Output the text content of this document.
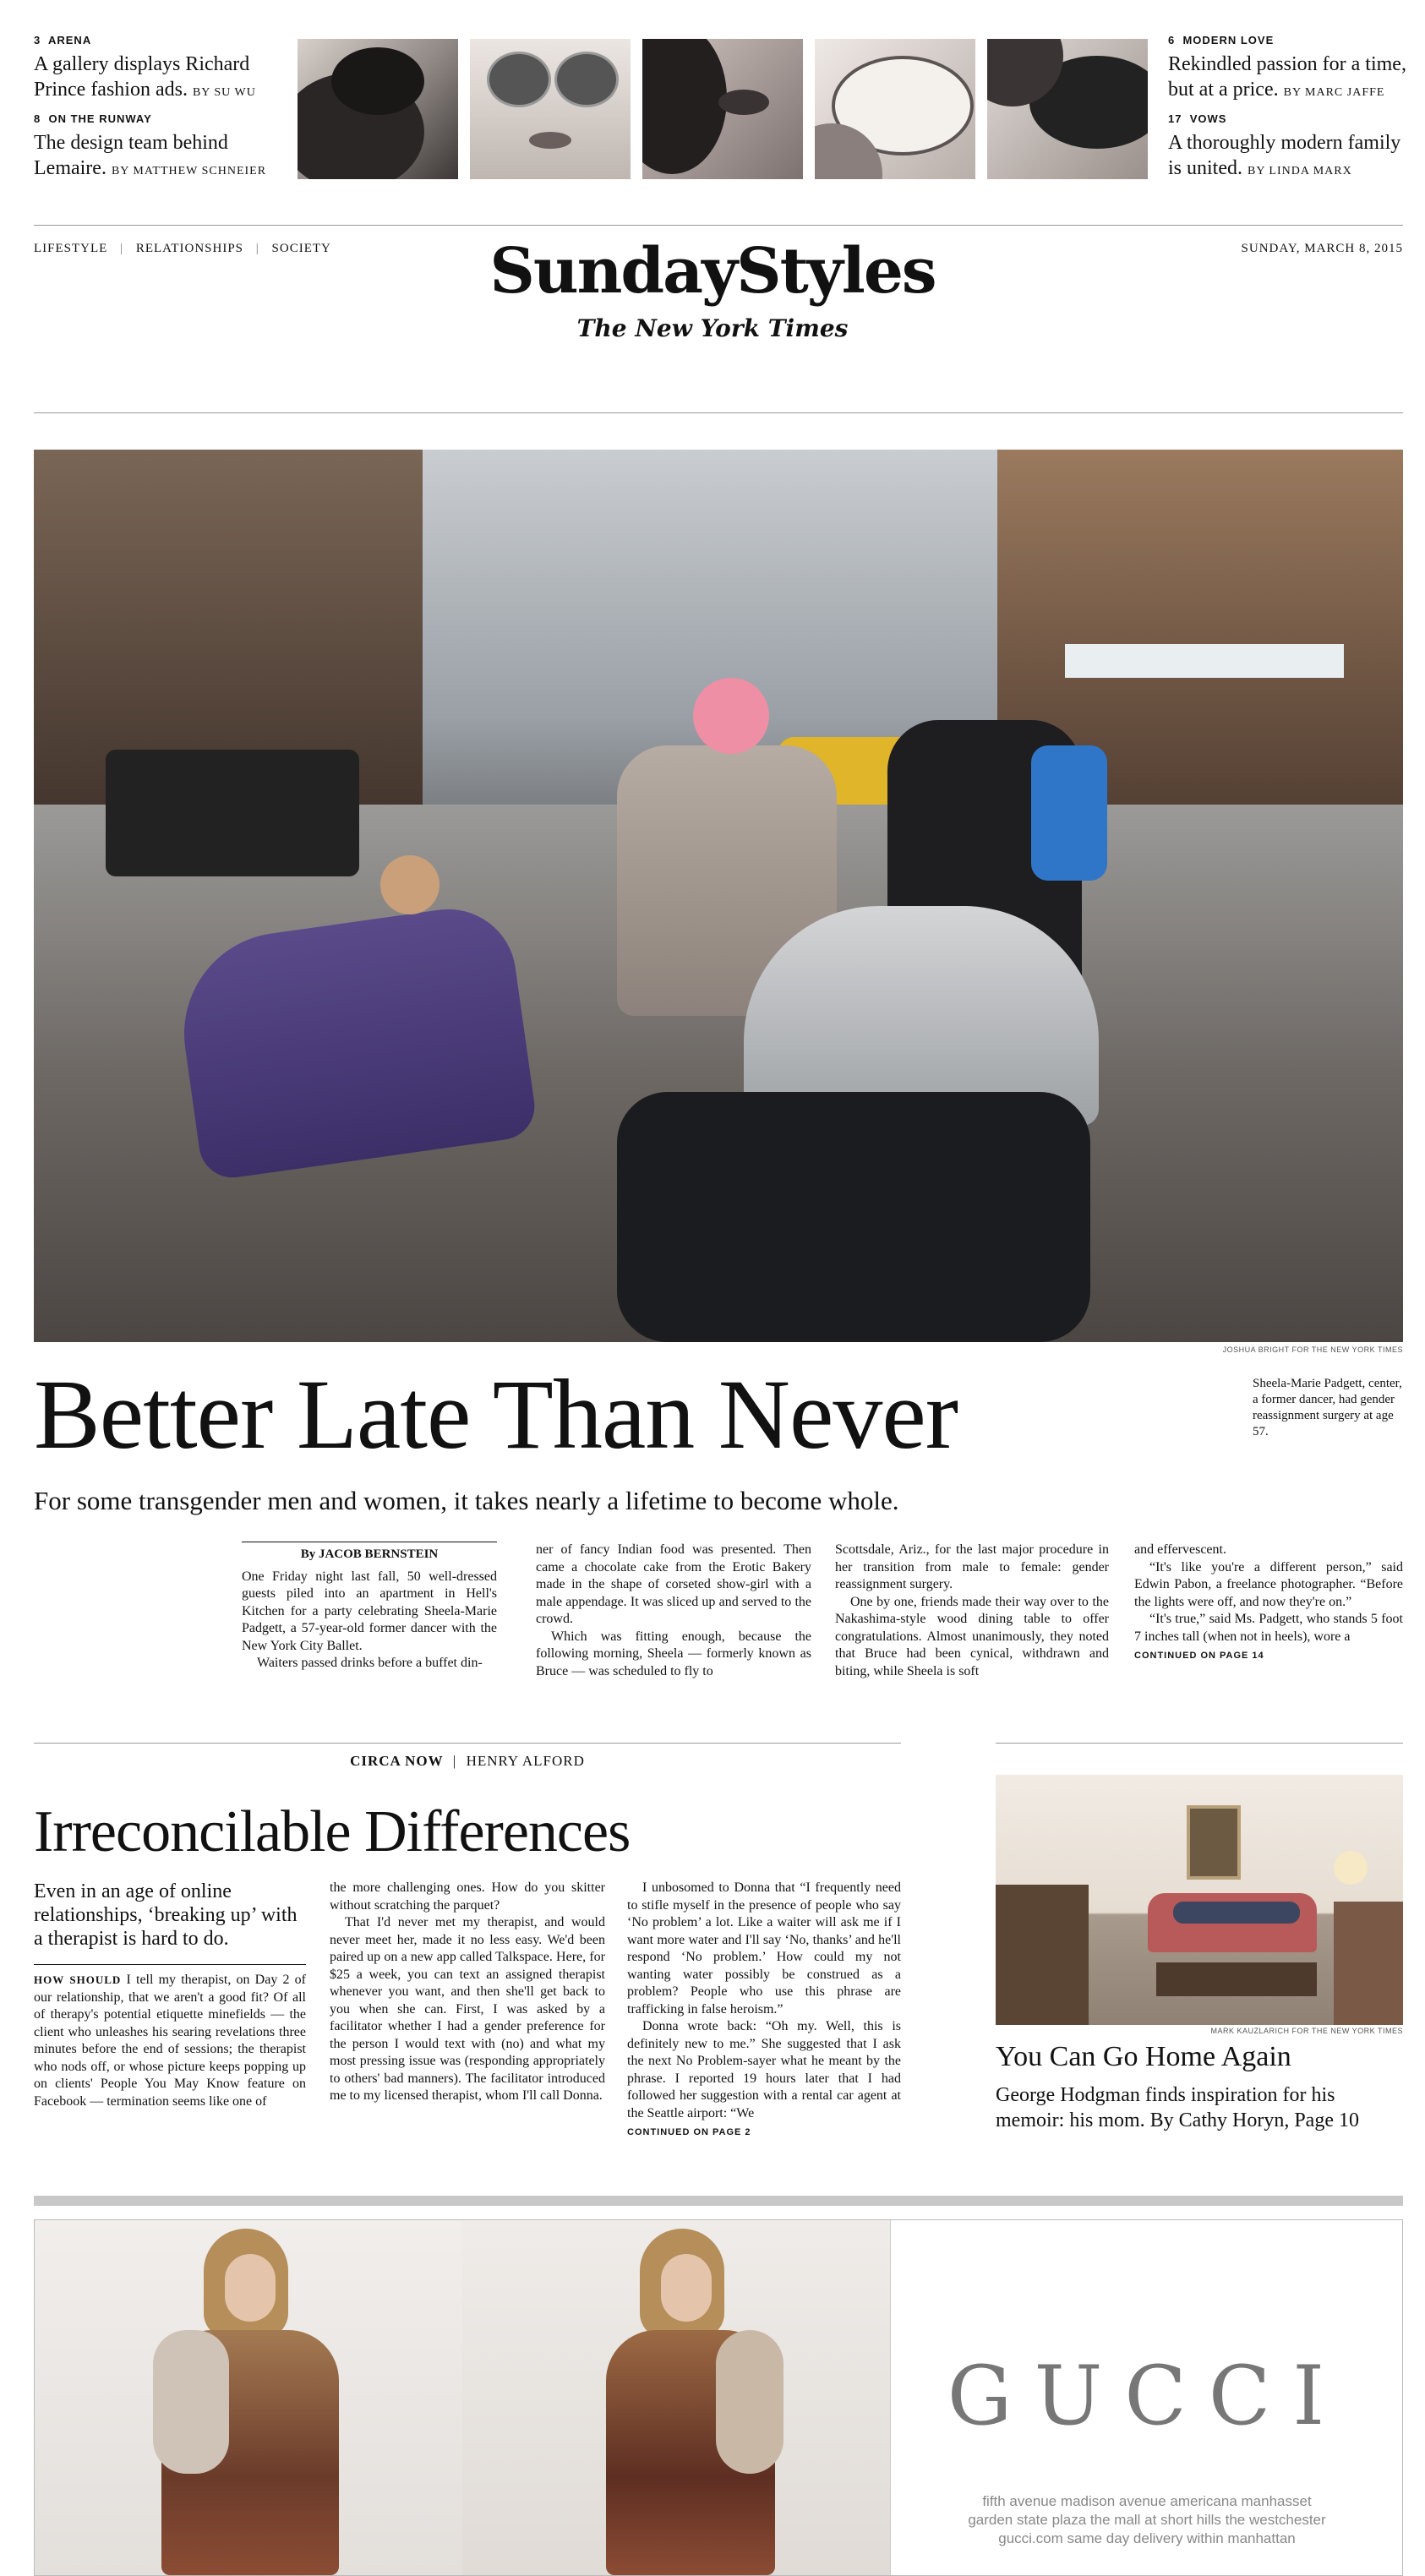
3 ARENA
A gallery displays Richard Prince fashion ads. BY SU WU
8 ON THE RUNWAY
The design team behind Lemaire. BY MATTHEW SCHNEIER
6 MODERN LOVE
Rekindled passion for a time, but at a price. BY MARC JAFFE
17 VOWS
A thoroughly modern family is united. BY LINDA MARX
LIFESTYLE | RELATIONSHIPS | SOCIETY	SundayStyles
The New York Times
SUNDAY, MARCH 8, 2015
JOSHUA BRIGHT FOR THE NEW YORK TIMES
Better Late Than Never	Sheela-Marie Padgett, center, a former dancer, had gender reassignment surgery at age 57.
For some transgender men and women, it takes nearly a lifetime to become whole.
By JACOB BERNSTEIN

One Friday night last fall, 50 well-dressed guests piled into an apartment in Hell's Kitchen for a party celebrating Sheela-Marie Padgett, a 57-year-old former dancer with the New York City Ballet.

Waiters passed drinks before a buffet din-

ner of fancy Indian food was presented. Then came a chocolate cake from the Erotic Bakery made in the shape of corseted show-girl with a male appendage. It was sliced up and served to the crowd.

Which was fitting enough, because the following morning, Sheela — formerly known as Bruce — was scheduled to fly to

Scottsdale, Ariz., for the last major procedure in her transition from male to female: gender reassignment surgery.

One by one, friends made their way over to the Nakashima-style wood dining table to offer congratulations. Almost unanimously, they noted that Bruce had been cynical, withdrawn and biting, while Sheela is soft

and effervescent.

“It's like you're a different person,” said Edwin Pabon, a freelance photographer. “Before the lights were off, and now they're on.”

“It's true,” said Ms. Padgett, who stands 5 foot 7 inches tall (when not in heels), wore a

CONTINUED ON PAGE 14
CIRCA NOW | HENRY ALFORD
Irreconcilable Differences
Even in an age of online relationships, ‘breaking up’ with a therapist is hard to do.

HOW SHOULD I tell my therapist, on Day 2 of our relationship, that we aren't a good fit? Of all of therapy's potential etiquette minefields — the client who unleashes his searing revelations three minutes before the end of sessions; the therapist who nods off, or whose picture keeps popping up on clients' People You May Know feature on Facebook — termination seems like one of

the more challenging ones. How do you skitter without scratching the parquet?

That I'd never met my therapist, and would never meet her, made it no less easy. We'd been paired up on a new app called Talkspace. Here, for $25 a week, you can text an assigned therapist whenever you want, and then she'll get back to you when she can. First, I was asked by a facilitator whether I had a gender preference for the person I would text with (no) and what my most pressing issue was (responding appropriately to others' bad manners). The facilitator introduced me to my licensed therapist, whom I'll call Donna.

I unbosomed to Donna that “I frequently need to stifle myself in the presence of people who say ‘No problem’ a lot. Like a waiter will ask me if I want more water and I'll say ‘No, thanks’ and he'll respond ‘No problem.’ How could my not wanting water possibly be construed as a problem? People who use this phrase are trafficking in false heroism.”

Donna wrote back: “Oh my. Well, this is definitely new to me.” She suggested that I ask the next No Problem-sayer what he meant by the phrase. I reported 19 hours later that I had followed her suggestion with a rental car agent at the Seattle airport: “We

CONTINUED ON PAGE 2
MARK KAUZLARICH FOR THE NEW YORK TIMES
You Can Go Home Again
George Hodgman finds inspiration for his memoir: his mom. By Cathy Horyn, Page 10
GUCCI
fifth avenue madison avenue americana manhasset
garden state plaza the mall at short hills the westchester
gucci.com same day delivery within manhattan
